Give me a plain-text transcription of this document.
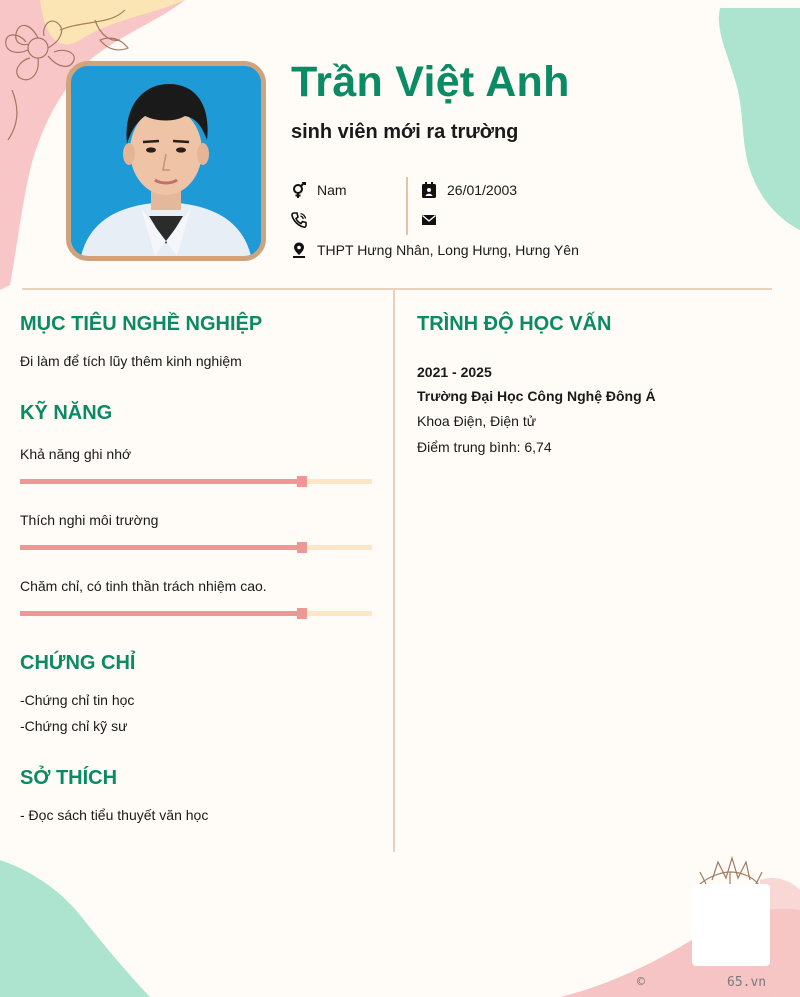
Trần Việt Anh
sinh viên mới ra trường
Nam	26/01/2003
THPT Hưng Nhân, Long Hưng, Hưng Yên
MỤC TIÊU NGHỀ NGHIỆP
Đi làm để tích lũy thêm kinh nghiệm
KỸ NĂNG
Khả năng ghi nhớ
Thích nghi môi trường
Chăm chỉ, có tinh thần trách nhiệm cao.
CHỨNG CHỈ
-Chứng chỉ tin học
-Chứng chỉ kỹ sư
SỞ THÍCH
- Đọc sách tiểu thuyết văn học
TRÌNH ĐỘ HỌC VẤN
2021 - 2025
Trường Đại Học Công Nghệ Đông Á
Khoa Điện, Điện tử
Điểm trung bình: 6,74
©	65.vn
